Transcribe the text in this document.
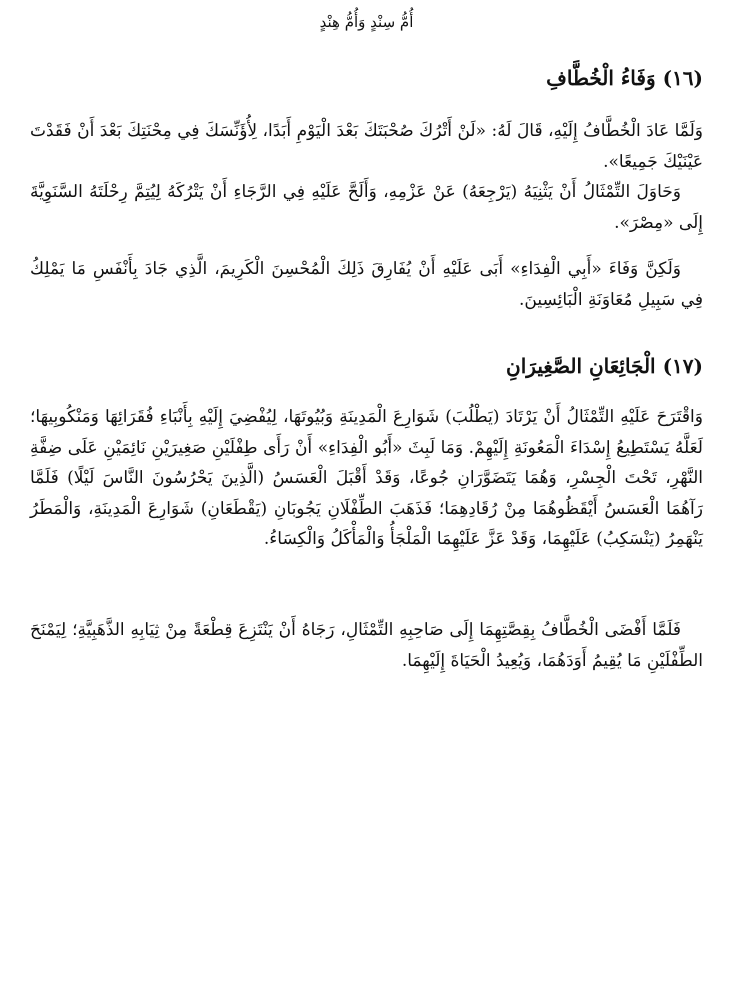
أُمُّ سِنْدٍ وَأُمُّ هِنْدٍ
(١٦) وَفَاءُ الْخُطَّافِ

وَلَمَّا عَادَ الْخُطَّافُ إِلَيْهِ، قَالَ لَهُ: «لَنْ أَتْرُكَ صُحْبَتَكَ بَعْدَ الْيَوْمِ أَبَدًا، لِأُؤَنِّسَكَ فِي مِحْنَتِكَ بَعْدَ أَنْ فَقَدْتَ عَيْنَيْكَ جَمِيعًا».

وَحَاوَلَ التِّمْثَالُ أَنْ يَثْنِيَهُ (يَرْجِعَهُ) عَنْ عَزْمِهِ، وَأَلَحَّ عَلَيْهِ فِي الرَّجَاءِ أَنْ يَتْرُكَهُ لِيُتِمَّ رِحْلَتَهُ السَّنَوِيَّةَ إِلَى «مِصْرَ».

وَلَكِنَّ وَفَاءَ «أَبِي الْفِدَاءِ» أَبَى عَلَيْهِ أَنْ يُفَارِقَ ذَلِكَ الْمُحْسِنَ الْكَرِيمَ، الَّذِي جَادَ بِأَنْفَسِ مَا يَمْلِكُ فِي سَبِيلِ مُعَاوَنَةِ الْبَائِسِينَ.

(١٧) الْجَائِعَانِ الصَّغِيرَانِ

وَاقْتَرَحَ عَلَيْهِ التِّمْثَالُ أَنْ يَرْتَادَ (يَطْلُبَ) شَوَارِعَ الْمَدِينَةِ وَبُيُوتَهَا، لِيُفْضِيَ إِلَيْهِ بِأَنْبَاءِ فُقَرَائِهَا وَمَنْكُوبِيهَا؛ لَعَلَّهُ يَسْتَطِيعُ إِسْدَاءَ الْمَعُونَةِ إِلَيْهِمْ. وَمَا لَبِثَ «أَبُو الْفِدَاءِ» أَنْ رَأَى طِفْلَيْنِ صَغِيرَيْنِ نَائِمَيْنِ عَلَى ضِفَّةِ النَّهْرِ، تَحْتَ الْجِسْرِ، وَهُمَا يَتَضَوَّرَانِ جُوعًا، وَقَدْ أَقْبَلَ الْعَسَسُ (الَّذِينَ يَحْرُسُونَ النَّاسَ لَيْلًا) فَلَمَّا رَآهُمَا الْعَسَسُ أَيْقَظُوهُمَا مِنْ رُقَادِهِمَا؛ فَذَهَبَ الطِّفْلَانِ يَجُوبَانِ (يَقْطَعَانِ) شَوَارِعَ الْمَدِينَةِ، وَالْمَطَرُ يَنْهَمِرُ (يَنْسَكِبُ) عَلَيْهِمَا، وَقَدْ عَزَّ عَلَيْهِمَا الْمَلْجَأُ وَالْمَأْكَلُ وَالْكِسَاءُ.

فَلَمَّا أَفْضَى الْخُطَّافُ بِقِصَّتِهِمَا إِلَى صَاحِبِهِ التِّمْثَالِ، رَجَاهُ أَنْ يَنْتَزِعَ قِطْعَةً مِنْ ثِيَابِهِ الذَّهَبِيَّةِ؛ لِيَمْنَحَ الطِّفْلَيْنِ مَا يُقِيمُ أَوَدَهُمَا، وَيُعِيدُ الْحَيَاةَ إِلَيْهِمَا.
